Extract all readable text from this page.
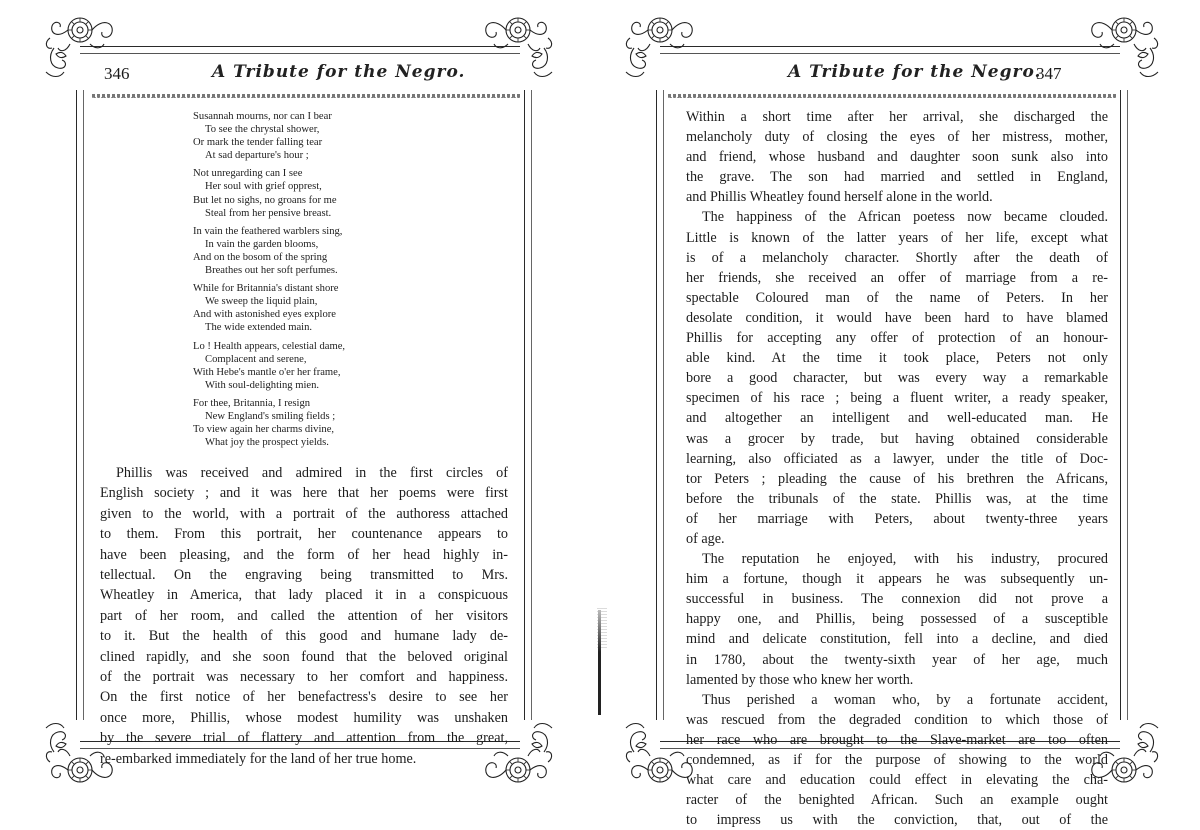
346	A Tribute for the Negro.
Susannah mourns, nor can I bear
To see the chrystal shower,
Or mark the tender falling tear
At sad departure's hour ;
Not unregarding can I see
Her soul with grief opprest,
But let no sighs, no groans for me
Steal from her pensive breast.
In vain the feathered warblers sing,
In vain the garden blooms,
And on the bosom of the spring
Breathes out her soft perfumes.
While for Britannia's distant shore
We sweep the liquid plain,
And with astonished eyes explore
The wide extended main.
Lo ! Health appears, celestial dame,
Complacent and serene,
With Hebe's mantle o'er her frame,
With soul-delighting mien.
For thee, Britannia, I resign
New England's smiling fields ;
To view again her charms divine,
What joy the prospect yields.
Phillis was received and admired in the first circles of
English society ; and it was here that her poems were first
given to the world, with a portrait of the authoress attached
to them. From this portrait, her countenance appears to
have been pleasing, and the form of her head highly in-
tellectual. On the engraving being transmitted to Mrs.
Wheatley in America, that lady placed it in a conspicuous
part of her room, and called the attention of her visitors
to it. But the health of this good and humane lady de-
clined rapidly, and she soon found that the beloved original
of the portrait was necessary to her comfort and happiness.
On the first notice of her benefactress's desire to see her
once more, Phillis, whose modest humility was unshaken
by the severe trial of flattery and attention from the great,
re-embarked immediately for the land of her true home.
A Tribute for the Negro.
347
Within a short time after her arrival, she discharged the
melancholy duty of closing the eyes of her mistress, mother,
and friend, whose husband and daughter soon sunk also into
the grave. The son had married and settled in England,
and Phillis Wheatley found herself alone in the world.
The happiness of the African poetess now became clouded.
Little is known of the latter years of her life, except what
is of a melancholy character. Shortly after the death of
her friends, she received an offer of marriage from a re-
spectable Coloured man of the name of Peters. In her
desolate condition, it would have been hard to have blamed
Phillis for accepting any offer of protection of an honour-
able kind. At the time it took place, Peters not only
bore a good character, but was every way a remarkable
specimen of his race ; being a fluent writer, a ready speaker,
and altogether an intelligent and well-educated man. He
was a grocer by trade, but having obtained considerable
learning, also officiated as a lawyer, under the title of Doc-
tor Peters ; pleading the cause of his brethren the Africans,
before the tribunals of the state. Phillis was, at the time
of her marriage with Peters, about twenty-three years
of age.
The reputation he enjoyed, with his industry, procured
him a fortune, though it appears he was subsequently un-
successful in business. The connexion did not prove a
happy one, and Phillis, being possessed of a susceptible
mind and delicate constitution, fell into a decline, and died
in 1780, about the twenty-sixth year of her age, much
lamented by those who knew her worth.
Thus perished a woman who, by a fortunate accident,
was rescued from the degraded condition to which those of
her race who are brought to the Slave-market are too often
condemned, as if for the purpose of showing to the world
what care and education could effect in elevating the cha-
racter of the benighted African. Such an example ought
to impress us with the conviction, that, out of the
